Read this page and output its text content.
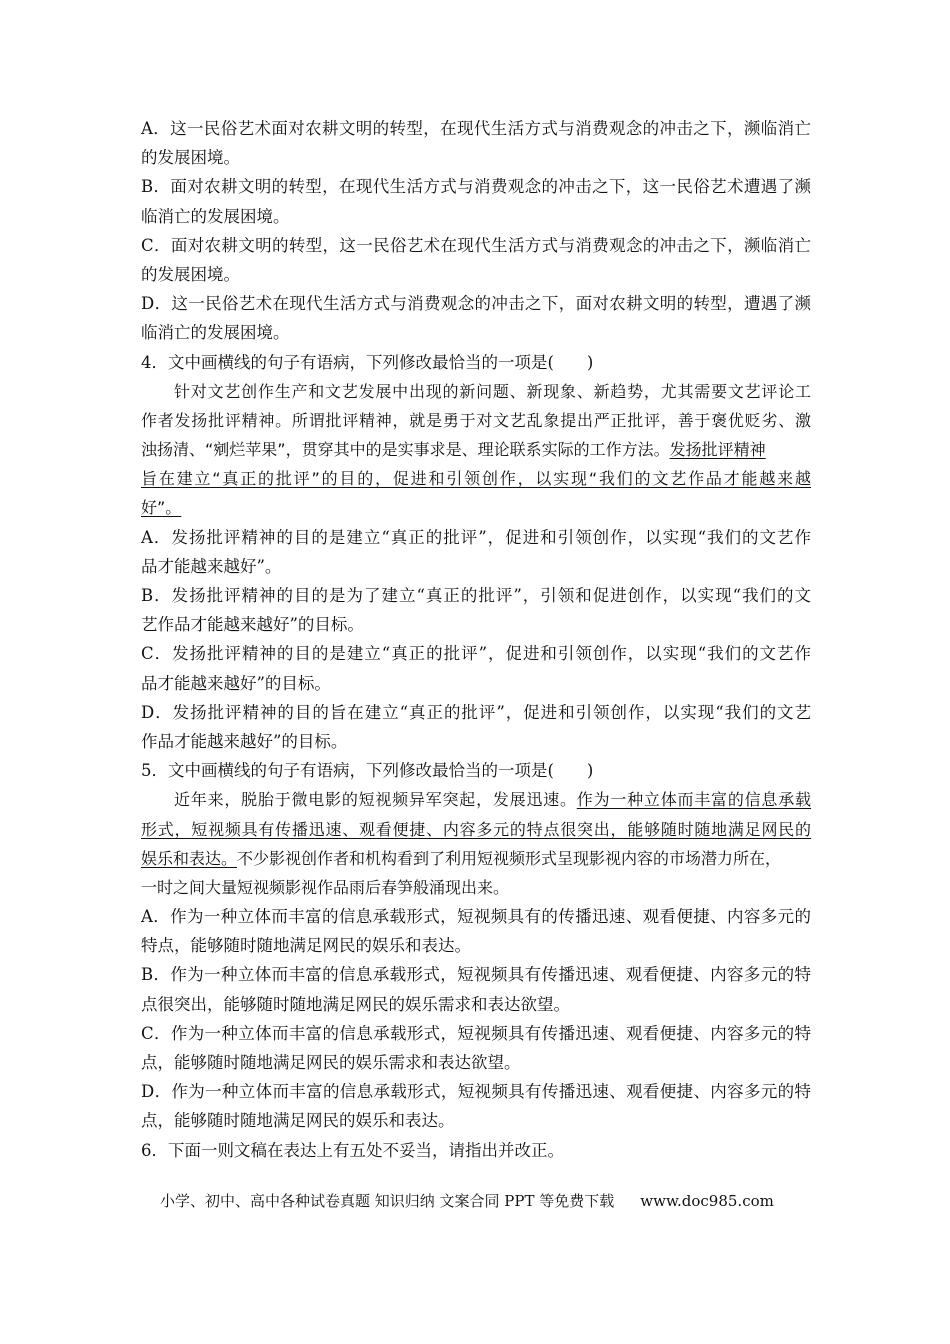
A．这一民俗艺术面对农耕文明的转型，在现代生活方式与消费观念的冲击之下，濒临消亡
的发展困境。
B．面对农耕文明的转型，在现代生活方式与消费观念的冲击之下，这一民俗艺术遭遇了濒
临消亡的发展困境。
C．面对农耕文明的转型，这一民俗艺术在现代生活方式与消费观念的冲击之下，濒临消亡
的发展困境。
D．这一民俗艺术在现代生活方式与消费观念的冲击之下，面对农耕文明的转型，遭遇了濒
临消亡的发展困境。
4．文中画横线的句子有语病，下列修改最恰当的一项是(　　)
针对文艺创作生产和文艺发展中出现的新问题、新现象、新趋势，尤其需要文艺评论工
作者发扬批评精神。所谓批评精神，就是勇于对文艺乱象提出严正批评，善于褒优贬劣、激
浊扬清、“剜烂苹果”，贯穿其中的是实事求是、理论联系实际的工作方法。发扬批评精神
旨在建立“真正的批评”的目的，促进和引领创作，以实现“我们的文艺作品才能越来越
好”。
A．发扬批评精神的目的是建立“真正的批评”，促进和引领创作，以实现“我们的文艺作
品才能越来越好”。
B．发扬批评精神的目的是为了建立“真正的批评”，引领和促进创作，以实现“我们的文
艺作品才能越来越好”的目标。
C．发扬批评精神的目的是建立“真正的批评”，促进和引领创作，以实现“我们的文艺作
品才能越来越好”的目标。
D．发扬批评精神的目的旨在建立“真正的批评”，促进和引领创作，以实现“我们的文艺
作品才能越来越好”的目标。
5．文中画横线的句子有语病，下列修改最恰当的一项是(　　)
近年来，脱胎于微电影的短视频异军突起，发展迅速。作为一种立体而丰富的信息承载
形式，短视频具有传播迅速、观看便捷、内容多元的特点很突出，能够随时随地满足网民的
娱乐和表达。不少影视创作者和机构看到了利用短视频形式呈现影视内容的市场潜力所在，
一时之间大量短视频影视作品雨后春笋般涌现出来。
A．作为一种立体而丰富的信息承载形式，短视频具有的传播迅速、观看便捷、内容多元的
特点，能够随时随地满足网民的娱乐和表达。
B．作为一种立体而丰富的信息承载形式，短视频具有传播迅速、观看便捷、内容多元的特
点很突出，能够随时随地满足网民的娱乐需求和表达欲望。
C．作为一种立体而丰富的信息承载形式，短视频具有传播迅速、观看便捷、内容多元的特
点，能够随时随地满足网民的娱乐需求和表达欲望。
D．作为一种立体而丰富的信息承载形式，短视频具有传播迅速、观看便捷、内容多元的特
点，能够随时随地满足网民的娱乐和表达。
6．下面一则文稿在表达上有五处不妥当，请指出并改正。
小学、初中、高中各种试卷真题 知识归纳 文案合同 PPT 等免费下载 www.doc985.com
